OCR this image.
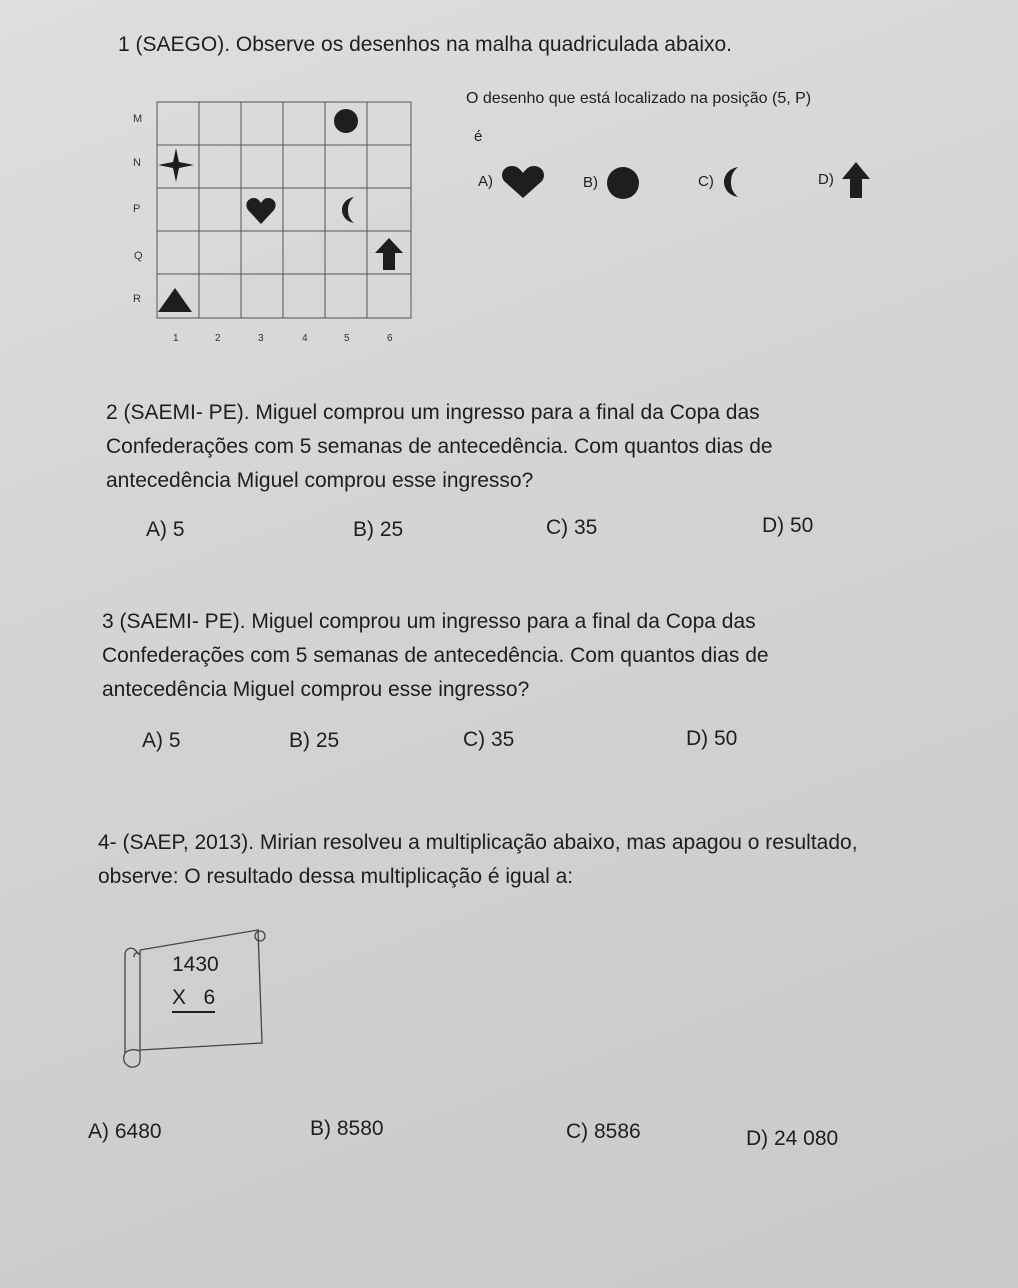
1 (SAEGO). Observe os desenhos na malha quadriculada abaixo.

M
N
P
Q
R
1	2	3	4	5	6
O desenho que está localizado na posição (5, P)
é
A)	B)	C)	D)

2 (SAEMI- PE). Miguel comprou um ingresso para a final da Copa das

Confederações com 5 semanas de antecedência. Com quantos dias de

antecedência Miguel comprou esse ingresso?

A) 5	B) 25	C) 35	D) 50

3 (SAEMI- PE). Miguel comprou um ingresso para a final da Copa das

Confederações com 5 semanas de antecedência. Com quantos dias de

antecedência Miguel comprou esse ingresso?

A) 5	B) 25	C) 35	D) 50

4- (SAEP, 2013). Mirian resolveu a multiplicação abaixo, mas apagou o resultado,

observe: O resultado dessa multiplicação é igual a:

1430
X   6
A) 6480	B) 8580	C) 8586	D) 24 080
